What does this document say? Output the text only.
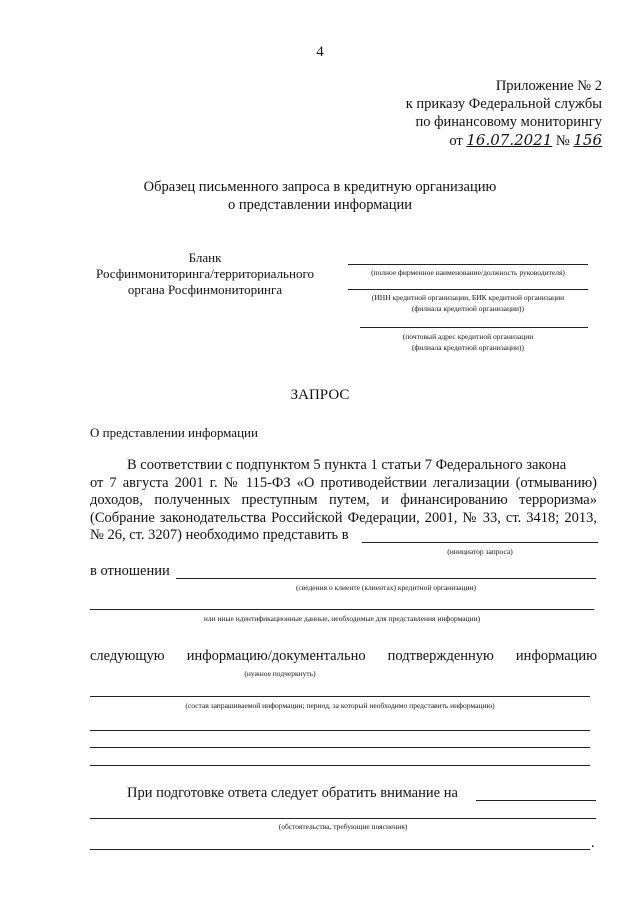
4
Приложение № 2
к приказу Федеральной службы
по финансовому мониторингу
от 16.07.2021 № 156
Образец письменного запроса в кредитную организацию
о представлении информации
Бланк
Росфинмониторинга/территориального
органа Росфинмониторинга
(полное фирменное наименование/должность руководителя)
(ИНН кредитной организации, БИК кредитной организации
(филиала кредитной организации))
(почтовый адрес кредитной организации
(филиала кредитной организации))
ЗАПРОС
О представлении информации
В соответствии с подпунктом 5 пункта 1 статьи 7 Федерального закона
от 7 августа 2001 г. № 115-ФЗ «О противодействии легализации (отмыванию)
доходов, полученных преступным путем, и финансированию терроризма»
(Собрание законодательства Российской Федерации, 2001, № 33, ст. 3418; 2013,
№ 26, ст. 3207) необходимо представить в
(инициатор запроса)
в отношении
(сведения о клиенте (клиентах) кредитной организации)
или иные идентификационные данные, необходимые для представления информации)
следующую информацию/документально подтвержденную информацию
(нужное подчеркнуть)
(состав запрашиваемой информации; период, за который необходимо представить информацию)
При подготовке ответа следует обратить внимание на
(обстоятельства, требующие пояснения)
.
